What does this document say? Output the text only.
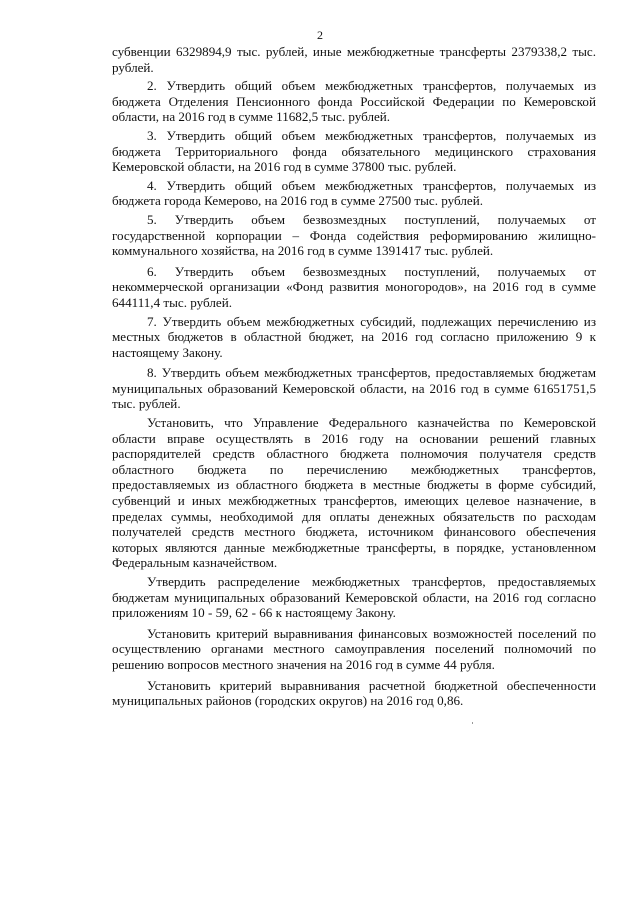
2

субвенции 6329894,9 тыс. рублей, иные межбюджетные трансферты 2379338,2 тыс. рублей.

2. Утвердить общий объем межбюджетных трансфертов, получаемых из бюджета Отделения Пенсионного фонда Российской Федерации по Кемеровской области, на 2016 год в сумме 11682,5 тыс. рублей.

3. Утвердить общий объем межбюджетных трансфертов, получаемых из бюджета Территориального фонда обязательного медицинского страхования Кемеровской области, на 2016 год в сумме 37800 тыс. рублей.

4. Утвердить общий объем межбюджетных трансфертов, получаемых из бюджета города Кемерово, на 2016 год в сумме 27500 тыс. рублей.

5. Утвердить объем безвозмездных поступлений, получаемых от государственной корпорации – Фонда содействия реформированию жилищно-коммунального хозяйства, на 2016 год в сумме 1391417 тыс. рублей.

6. Утвердить объем безвозмездных поступлений, получаемых от некоммерческой организации «Фонд развития моногородов», на 2016 год в сумме 644111,4 тыс. рублей.

7. Утвердить объем межбюджетных субсидий, подлежащих перечислению из местных бюджетов в областной бюджет, на 2016 год согласно приложению 9 к настоящему Закону.

8. Утвердить объем межбюджетных трансфертов, предоставляемых бюджетам муниципальных образований Кемеровской области, на 2016 год в сумме 61651751,5 тыс. рублей.

Установить, что Управление Федерального казначейства по Кемеровской области вправе осуществлять в 2016 году на основании решений главных распорядителей средств областного бюджета полномочия получателя средств областного бюджета по перечислению межбюджетных трансфертов, предоставляемых из областного бюджета в местные бюджеты в форме субсидий, субвенций и иных межбюджетных трансфертов, имеющих целевое назначение, в пределах суммы, необходимой для оплаты денежных обязательств по расходам получателей средств местного бюджета, источником финансового обеспечения которых являются данные межбюджетные трансферты, в порядке, установленном Федеральным казначейством.

Утвердить распределение межбюджетных трансфертов, предоставляемых бюджетам муниципальных образований Кемеровской области, на 2016 год согласно приложениям 10 - 59, 62 - 66 к настоящему Закону.

Установить критерий выравнивания финансовых возможностей поселений по осуществлению органами местного самоуправления поселений полномочий по решению вопросов местного значения на 2016 год в сумме 44 рубля.

Установить критерий выравнивания расчетной бюджетной обеспеченности муниципальных районов (городских округов) на 2016 год 0,86.
